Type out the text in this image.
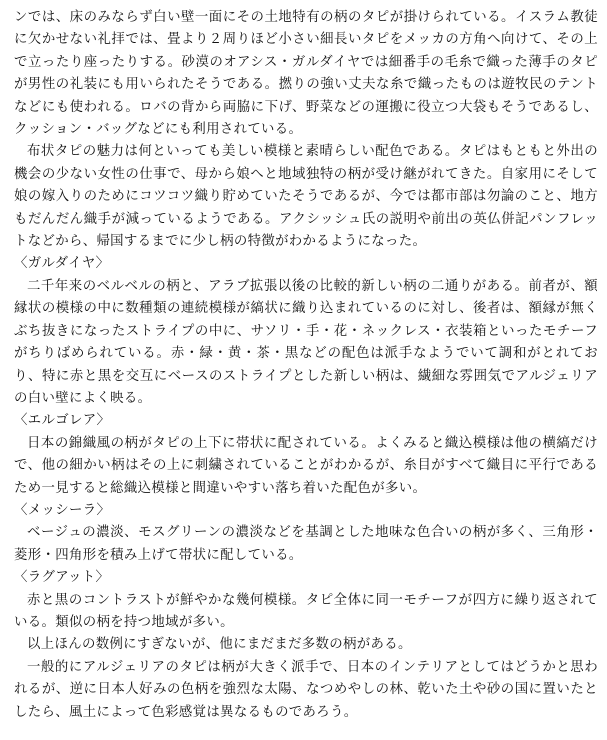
ンでは、床のみならず白い壁一面にその土地特有の柄のタピが掛けられている。イスラム教徒に欠かせない礼拝では、畳より２周りほど小さい細長いタピをメッカの方角へ向けて、その上で立ったり座ったりする。砂漠のオアシス・ガルダイヤでは細番手の毛糸で織った薄手のタピが男性の礼装にも用いられたそうである。撚りの強い丈夫な糸で織ったものは遊牧民のテントなどにも使われる。ロバの背から両脇に下げ、野菜などの運搬に役立つ大袋もそうであるし、クッション・バッグなどにも利用されている。

布状タピの魅力は何といっても美しい模様と素晴らしい配色である。タピはもともと外出の機会の少ない女性の仕事で、母から娘へと地域独特の柄が受け継がれてきた。自家用にそして娘の嫁入りのためにコツコツ織り貯めていたそうであるが、今では都市部は勿論のこと、地方もだんだん織手が減っているようである。アクシッシュ氏の説明や前出の英仏併記パンフレットなどから、帰国するまでに少し柄の特徴がわかるようになった。

〈ガルダイヤ〉

二千年来のベルベルの柄と、アラブ拡張以後の比較的新しい柄の二通りがある。前者が、額縁状の模様の中に数種類の連続模様が縞状に織り込まれているのに対し、後者は、額縁が無くぶち抜きになったストライプの中に、サソリ・手・花・ネックレス・衣装箱といったモチーフがちりばめられている。赤・緑・黄・茶・黒などの配色は派手なようでいて調和がとれており、特に赤と黒を交互にベースのストライプとした新しい柄は、繊細な雰囲気でアルジェリアの白い壁によく映る。

〈エルゴレア〉

日本の錦織風の柄がタピの上下に帯状に配されている。よくみると織込模様は他の横縞だけで、他の細かい柄はその上に刺繍されていることがわかるが、糸目がすべて織目に平行であるため一見すると総織込模様と間違いやすい落ち着いた配色が多い。

〈メッシーラ〉

ベージュの濃淡、モスグリーンの濃淡などを基調とした地味な色合いの柄が多く、三角形・菱形・四角形を積み上げて帯状に配している。

〈ラグアット〉

赤と黒のコントラストが鮮やかな幾何模様。タピ全体に同一モチーフが四方に繰り返されている。類似の柄を持つ地域が多い。

以上ほんの数例にすぎないが、他にまだまだ多数の柄がある。

一般的にアルジェリアのタピは柄が大きく派手で、日本のインテリアとしてはどうかと思われるが、逆に日本人好みの色柄を強烈な太陽、なつめやしの林、乾いた土や砂の国に置いたとしたら、風土によって色彩感覚は異なるものであろう。
